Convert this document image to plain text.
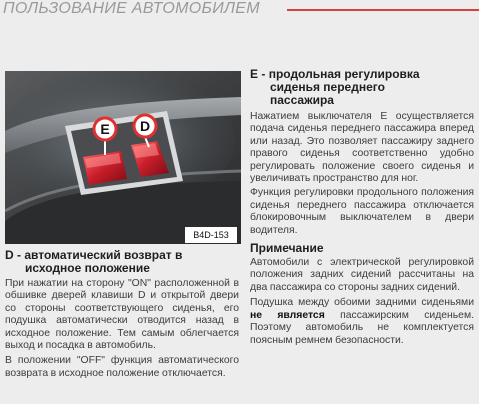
ПОЛЬЗОВАНИЕ АВТОМОБИЛЕМ
E D
B4D-153
D - автоматический возврат в
исходное положение

При нажатии на сторону "ON" расположенной в обшивке дверей клавиши D и открытой двери со стороны соответствующего сиденья, его подушка автоматически отводится назад в исходное положение. Тем самым облегчается выход и посадка в автомобиль.

В положении "OFF" функция автоматического возврата в исходное положение отключается.

E - продольная регулировка
сиденья переднего
пассажира

Нажатием выключателя E осуществляется подача сиденья переднего пассажира вперед или назад. Это позволяет пассажиру заднего правого сиденья соответственно удобно регулировать положение своего сиденья и увеличивать пространство для ног.

Функция регулировки продольного положения сиденья переднего пассажира отключается блокировочным выключателем в двери водителя.

Примечание

Автомобили с электрической регулировкой положения задних сидений рассчитаны на два пассажира со стороны задних сидений.

Подушка между обоими задними сиденьями не является пассажирским сиденьем. Поэтому автомобиль не комплектуется поясным ремнем безопасности.
